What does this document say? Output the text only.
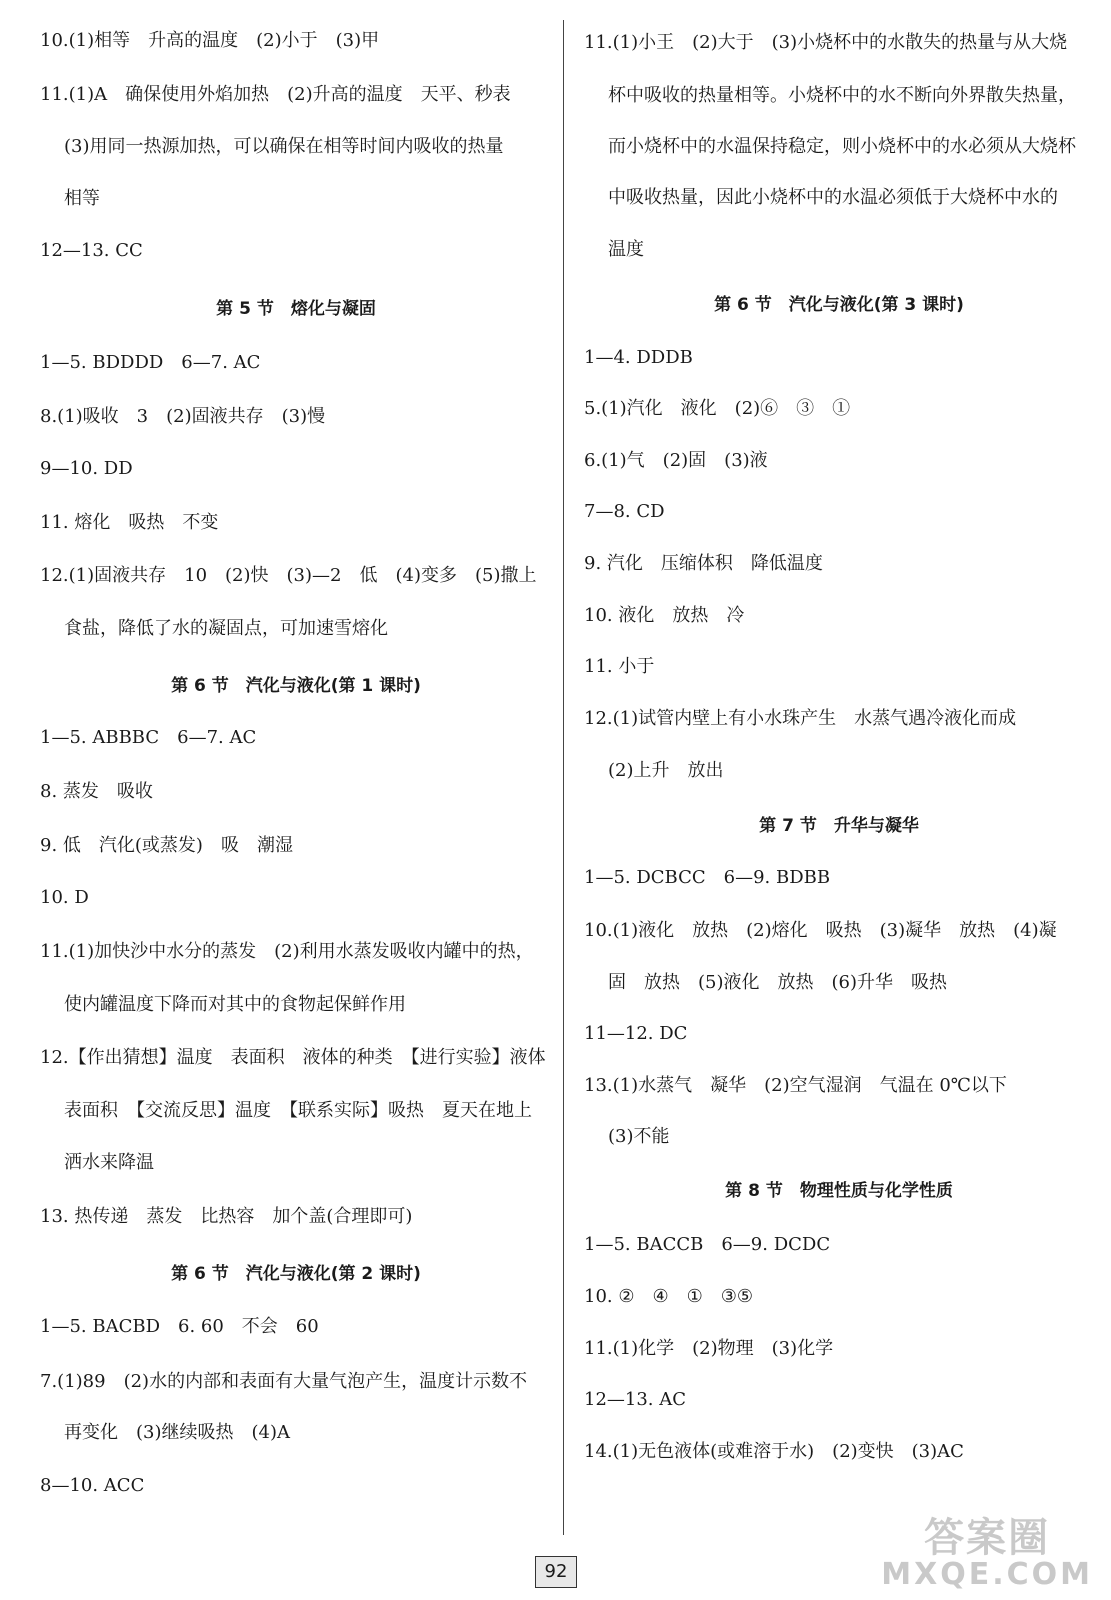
10.(1)相等　升高的温度　(2)小于　(3)甲
11.(1)A　确保使用外焰加热　(2)升高的温度　天平、秒表
(3)用同一热源加热，可以确保在相等时间内吸收的热量
相等
12—13. CC
第 5 节　熔化与凝固
1—5. BDDDD　6—7. AC
8.(1)吸收　3　(2)固液共存　(3)慢
9—10. DD
11. 熔化　吸热　不变
12.(1)固液共存　10　(2)快　(3)—2　低　(4)变多　(5)撒上
食盐，降低了水的凝固点，可加速雪熔化
第 6 节　汽化与液化(第 1 课时)
1—5. ABBBC　6—7. AC
8. 蒸发　吸收
9. 低　汽化(或蒸发)　吸　潮湿
10. D
11.(1)加快沙中水分的蒸发　(2)利用水蒸发吸收内罐中的热，
使内罐温度下降而对其中的食物起保鲜作用
12.【作出猜想】温度　表面积　液体的种类　【进行实验】液体
表面积　【交流反思】温度　【联系实际】吸热　夏天在地上
洒水来降温
13. 热传递　蒸发　比热容　加个盖(合理即可)
第 6 节　汽化与液化(第 2 课时)
1—5. BACBD　6. 60　不会　60
7.(1)89　(2)水的内部和表面有大量气泡产生，温度计示数不
再变化　(3)继续吸热　(4)A
8—10. ACC
11.(1)小王　(2)大于　(3)小烧杯中的水散失的热量与从大烧
杯中吸收的热量相等。小烧杯中的水不断向外界散失热量，
而小烧杯中的水温保持稳定，则小烧杯中的水必须从大烧杯
中吸收热量，因此小烧杯中的水温必须低于大烧杯中水的
温度
第 6 节　汽化与液化(第 3 课时)
1—4. DDDB
5.(1)汽化　液化　(2)⑥　③　①
6.(1)气　(2)固　(3)液
7—8. CD
9. 汽化　压缩体积　降低温度
10. 液化　放热　冷
11. 小于
12.(1)试管内壁上有小水珠产生　水蒸气遇冷液化而成
(2)上升　放出
第 7 节　升华与凝华
1—5. DCBCC　6—9. BDBB
10.(1)液化　放热　(2)熔化　吸热　(3)凝华　放热　(4)凝
固　放热　(5)液化　放热　(6)升华　吸热
11—12. DC
13.(1)水蒸气　凝华　(2)空气湿润　气温在 0℃以下
(3)不能
第 8 节　物理性质与化学性质
1—5. BACCB　6—9. DCDC
10. ②　④　①　③⑤
11.(1)化学　(2)物理　(3)化学
12—13. AC
14.(1)无色液体(或难溶于水)　(2)变快　(3)AC
92
答案圈
MXQE.COM
